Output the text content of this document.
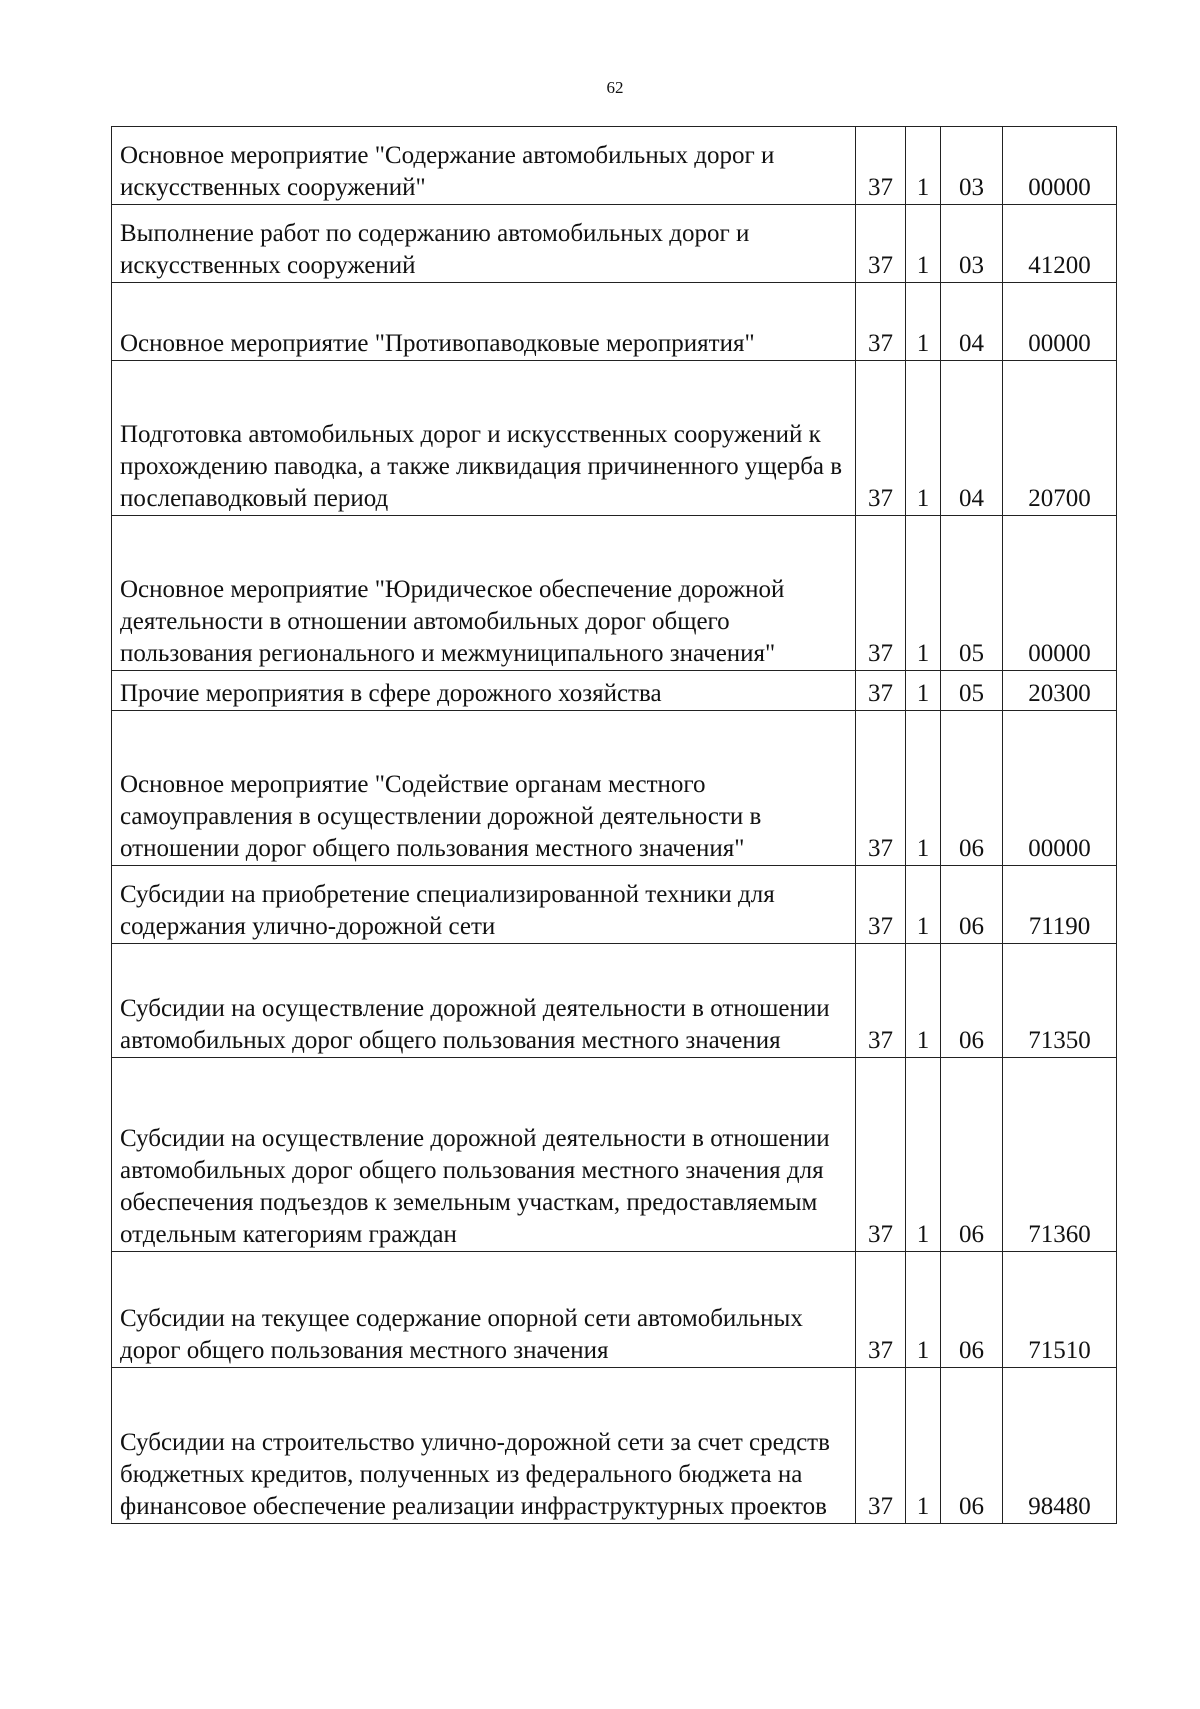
62
Основное мероприятие "Содержание автомобильных дорог и искусственных сооружений"	37	1	03	00000
Выполнение работ по содержанию автомобильных дорог и искусственных сооружений	37	1	03	41200
Основное мероприятие "Противопаводковые мероприятия"	37	1	04	00000
Подготовка автомобильных дорог и искусственных сооружений к прохождению паводка, а также ликвидация причиненного ущерба в послепаводковый период	37	1	04	20700
Основное мероприятие "Юридическое обеспечение дорожной деятельности в отношении автомобильных дорог общего пользования регионального и межмуниципального значения"	37	1	05	00000
Прочие мероприятия в сфере дорожного хозяйства	37	1	05	20300
Основное мероприятие "Содействие органам местного самоуправления в осуществлении дорожной деятельности в отношении дорог общего пользования местного значения"	37	1	06	00000
Субсидии на приобретение специализированной техники для содержания улично-дорожной сети	37	1	06	71190
Субсидии на осуществление дорожной деятельности в отношении автомобильных дорог общего пользования местного значения	37	1	06	71350
Субсидии на осуществление дорожной деятельности в отношении автомобильных дорог общего пользования местного значения для обеспечения подъездов к земельным участкам, предоставляемым отдельным категориям граждан	37	1	06	71360
Субсидии на текущее содержание опорной сети автомобильных дорог общего пользования местного значения	37	1	06	71510
Субсидии на строительство улично-дорожной сети за счет средств бюджетных кредитов, полученных из федерального бюджета на финансовое обеспечение реализации инфраструктурных проектов	37	1	06	98480
